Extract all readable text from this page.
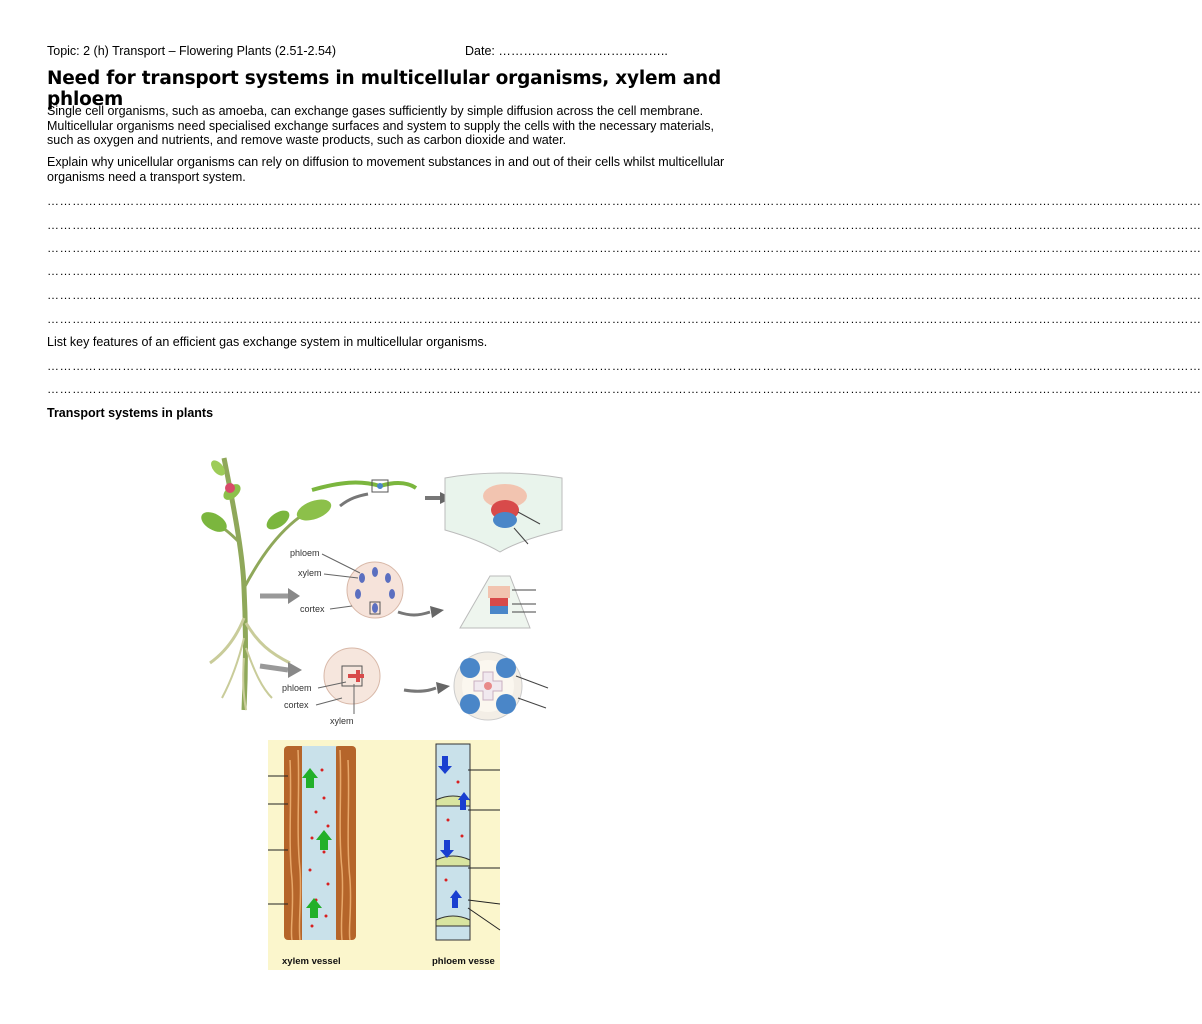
Topic: 2 (h) Transport – Flowering Plants (2.51-2.54)	Date: …………………………………..
Need for transport systems in multicellular organisms, xylem and phloem
Single cell organisms, such as amoeba, can exchange gases sufficiently by simple diffusion across the cell membrane. Multicellular organisms need specialised exchange surfaces and system to supply the cells with the necessary materials, such as oxygen and nutrients, and remove waste products, such as carbon dioxide and water.
Explain why unicellular organisms can rely on diffusion to movement substances in and out of their cells whilst multicellular organisms need a transport system.
……………………………………………………………………………………………………………………………………………………………………………………………………………………………………………………
……………………………………………………………………………………………………………………………………………………………………………………………………………………………………………………
……………………………………………………………………………………………………………………………………………………………………………………………………………………………………………………
……………………………………………………………………………………………………………………………………………………………………………………………………………………………………………………
……………………………………………………………………………………………………………………………………………………………………………………………………………………………………………………
……………………………………………………………………………………………………………………………………………………………………………………………………………………………………………………
List key features of an efficient gas exchange system in multicellular organisms.
……………………………………………………………………………………………………………………………………………………………………………………………………………………………………………………
……………………………………………………………………………………………………………………………………………………………………………………………………………………………………………………
Transport systems in plants
phloem
xylem
cortex
phloem
cortex
xylem
xylem vessel	phloem vesse
